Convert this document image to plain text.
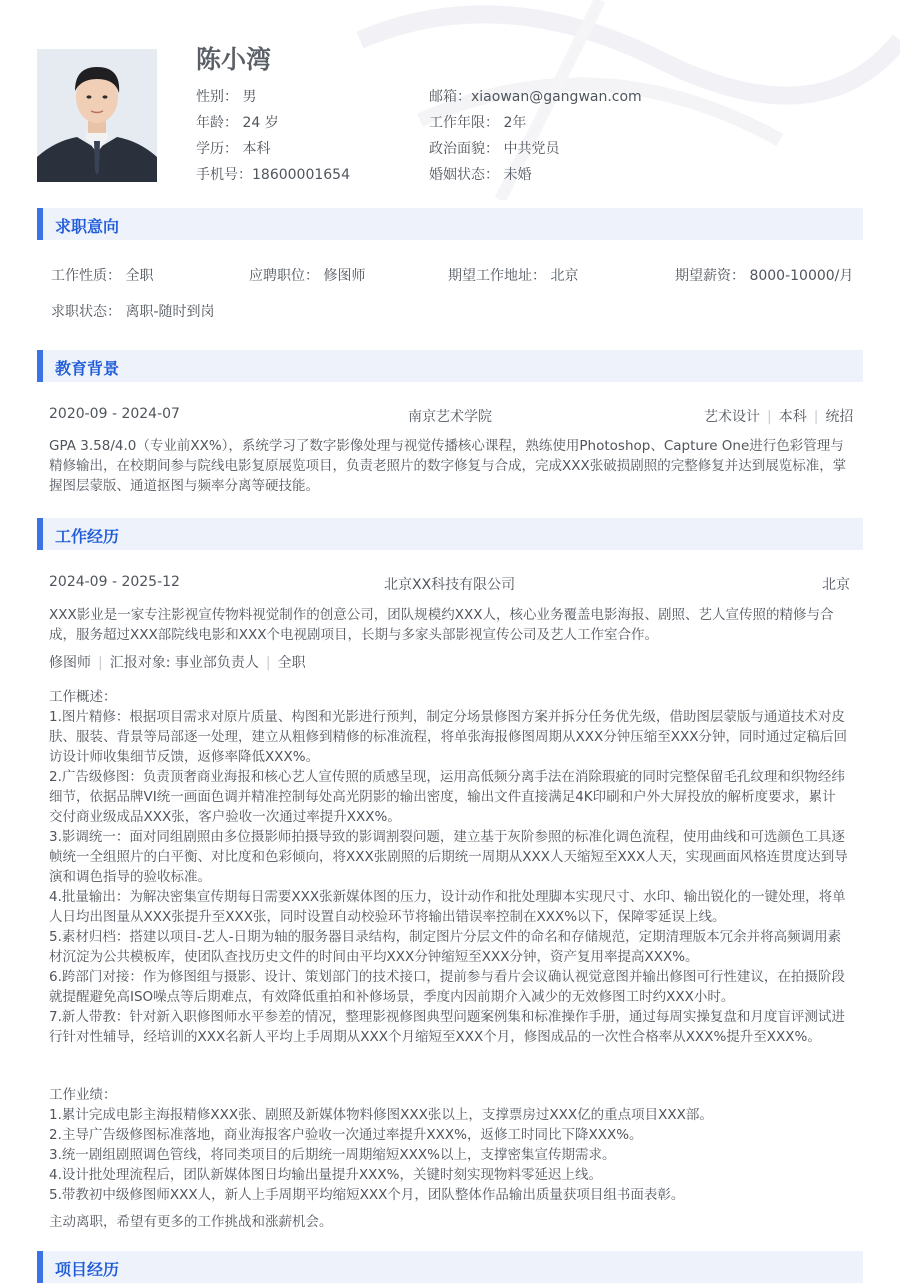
陈小湾
性别： 男
年龄： 24 岁
学历： 本科
手机号：18600001654
邮箱：xiaowan@gangwan.com
工作年限： 2年
政治面貌： 中共党员
婚姻状态： 未婚
求职意向
工作性质： 全职	应聘职位： 修图师	期望工作地址： 北京	期望薪资： 8000-10000/月
求职状态： 离职-随时到岗
教育背景
2020-09 - 2024-07	南京艺术学院	艺术设计 | 本科 | 统招
GPA 3.58/4.0（专业前XX%），系统学习了数字影像处理与视觉传播核心课程，熟练使用Photoshop、Capture One进行色彩管理与精修输出，在校期间参与院线电影复原展览项目，负责老照片的数字修复与合成，完成XXX张破损剧照的完整修复并达到展览标准，掌握图层蒙版、通道抠图与频率分离等硬技能。
工作经历
2024-09 - 2025-12	北京XX科技有限公司	北京
XXX影业是一家专注影视宣传物料视觉制作的创意公司，团队规模约XXX人，核心业务覆盖电影海报、剧照、艺人宣传照的精修与合成，服务超过XXX部院线电影和XXX个电视剧项目，长期与多家头部影视宣传公司及艺人工作室合作。
修图师 | 汇报对象: 事业部负责人 | 全职
工作概述：
1.图片精修：根据项目需求对原片质量、构图和光影进行预判，制定分场景修图方案并拆分任务优先级，借助图层蒙版与通道技术对皮肤、服装、背景等局部逐一处理，建立从粗修到精修的标准流程，将单张海报修图周期从XXX分钟压缩至XXX分钟，同时通过定稿后回访设计师收集细节反馈，返修率降低XXX%。
2.广告级修图：负责顶奢商业海报和核心艺人宣传照的质感呈现，运用高低频分离手法在消除瑕疵的同时完整保留毛孔纹理和织物经纬细节，依据品牌VI统一画面色调并精准控制每处高光阴影的输出密度，输出文件直接满足4K印刷和户外大屏投放的解析度要求，累计交付商业级成品XXX张，客户验收一次通过率提升XXX%。
3.影调统一：面对同组剧照由多位摄影师拍摄导致的影调割裂问题，建立基于灰阶参照的标准化调色流程，使用曲线和可选颜色工具逐帧统一全组照片的白平衡、对比度和色彩倾向，将XXX张剧照的后期统一周期从XXX人天缩短至XXX人天，实现画面风格连贯度达到导演和调色指导的验收标准。
4.批量输出：为解决密集宣传期每日需要XXX张新媒体图的压力，设计动作和批处理脚本实现尺寸、水印、输出锐化的一键处理，将单人日均出图量从XXX张提升至XXX张，同时设置自动校验环节将输出错误率控制在XXX%以下，保障零延误上线。
5.素材归档：搭建以项目-艺人-日期为轴的服务器目录结构，制定图片分层文件的命名和存储规范，定期清理版本冗余并将高频调用素材沉淀为公共模板库，使团队查找历史文件的时间由平均XXX分钟缩短至XXX分钟，资产复用率提高XXX%。
6.跨部门对接：作为修图组与摄影、设计、策划部门的技术接口，提前参与看片会议确认视觉意图并输出修图可行性建议，在拍摄阶段就提醒避免高ISO噪点等后期难点，有效降低重拍和补修场景，季度内因前期介入减少的无效修图工时约XXX小时。
7.新人带教：针对新入职修图师水平参差的情况，整理影视修图典型问题案例集和标准操作手册，通过每周实操复盘和月度盲评测试进行针对性辅导，经培训的XXX名新人平均上手周期从XXX个月缩短至XXX个月，修图成品的一次性合格率从XXX%提升至XXX%。
工作业绩：
1.累计完成电影主海报精修XXX张、剧照及新媒体物料修图XXX张以上，支撑票房过XXX亿的重点项目XXX部。
2.主导广告级修图标准落地，商业海报客户验收一次通过率提升XXX%，返修工时同比下降XXX%。
3.统一剧组剧照调色管线，将同类项目的后期统一周期缩短XXX%以上，支撑密集宣传期需求。
4.设计批处理流程后，团队新媒体图日均输出量提升XXX%，关键时刻实现物料零延迟上线。
5.带教初中级修图师XXX人，新人上手周期平均缩短XXX个月，团队整体作品输出质量获项目组书面表彰。
主动离职，希望有更多的工作挑战和涨薪机会。
项目经历
